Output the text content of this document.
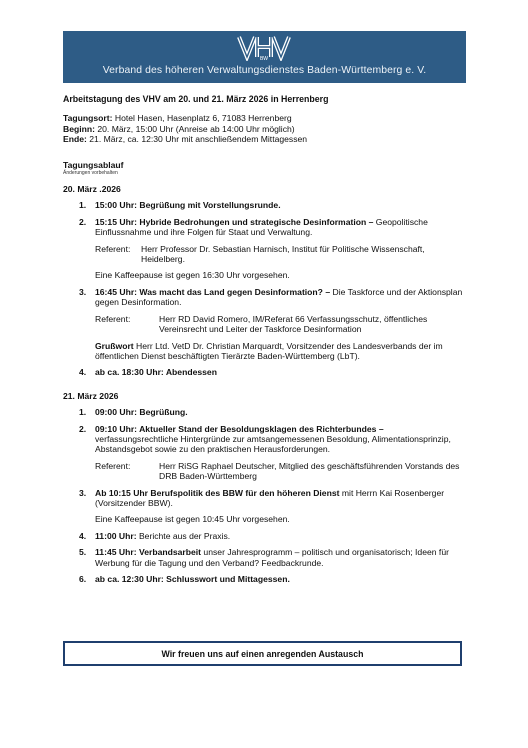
BW
Verband des höheren Verwaltungsdienstes Baden-Württemberg e. V.
Arbeitstagung des VHV am 20. und 21. März 2026 in Herrenberg
Tagungsort: Hotel Hasen, Hasenplatz 6, 71083 Herrenberg
Beginn: 20. März, 15:00 Uhr (Anreise ab 14:00 Uhr möglich)
Ende: 21. März, ca. 12:30 Uhr mit anschließendem Mittagessen
Tagungsablauf
Änderungen vorbehalten
20. März .2026
1. 15:00 Uhr: Begrüßung mit Vorstellungsrunde.
2. 15:15 Uhr: Hybride Bedrohungen und strategische Desinformation – Geopolitische Einflussnahme und ihre Folgen für Staat und Verwaltung.
Referent:	Herr Professor Dr. Sebastian Harnisch, Institut für Politische Wissenschaft, Heidelberg.
Eine Kaffeepause ist gegen 16:30 Uhr vorgesehen.
3. 16:45 Uhr: Was macht das Land gegen Desinformation? – Die Taskforce und der Aktionsplan gegen Desinformation.
Referent:	Herr RD David Romero, IM/Referat 66 Verfassungsschutz, öffentliches Vereinsrecht und Leiter der Taskforce Desinformation
Grußwort Herr Ltd. VetD Dr. Christian Marquardt, Vorsitzender des Landesverbands der im öffentlichen Dienst beschäftigten Tierärzte Baden-Württemberg (LbT).
4. ab ca. 18:30 Uhr: Abendessen
21. März 2026
1. 09:00 Uhr: Begrüßung.
2. 09:10 Uhr: Aktueller Stand der Besoldungsklagen des Richterbundes – verfassungsrechtliche Hintergründe zur amtsangemessenen Besoldung, Alimentationsprinzip, Abstandsgebot sowie zu den praktischen Herausforderungen.
Referent:	Herr RiSG Raphael Deutscher, Mitglied des geschäftsführenden Vorstands des DRB Baden-Württemberg
3. Ab 10:15 Uhr Berufspolitik des BBW für den höheren Dienst mit Herrn Kai Rosenberger (Vorsitzender BBW).
Eine Kaffeepause ist gegen 10:45 Uhr vorgesehen.
4. 11:00 Uhr: Berichte aus der Praxis.
5. 11:45 Uhr: Verbandsarbeit unser Jahresprogramm – politisch und organisatorisch; Ideen für Werbung für die Tagung und den Verband? Feedbackrunde.
6. ab ca. 12:30 Uhr: Schlusswort und Mittagessen.
Wir freuen uns auf einen anregenden Austausch
